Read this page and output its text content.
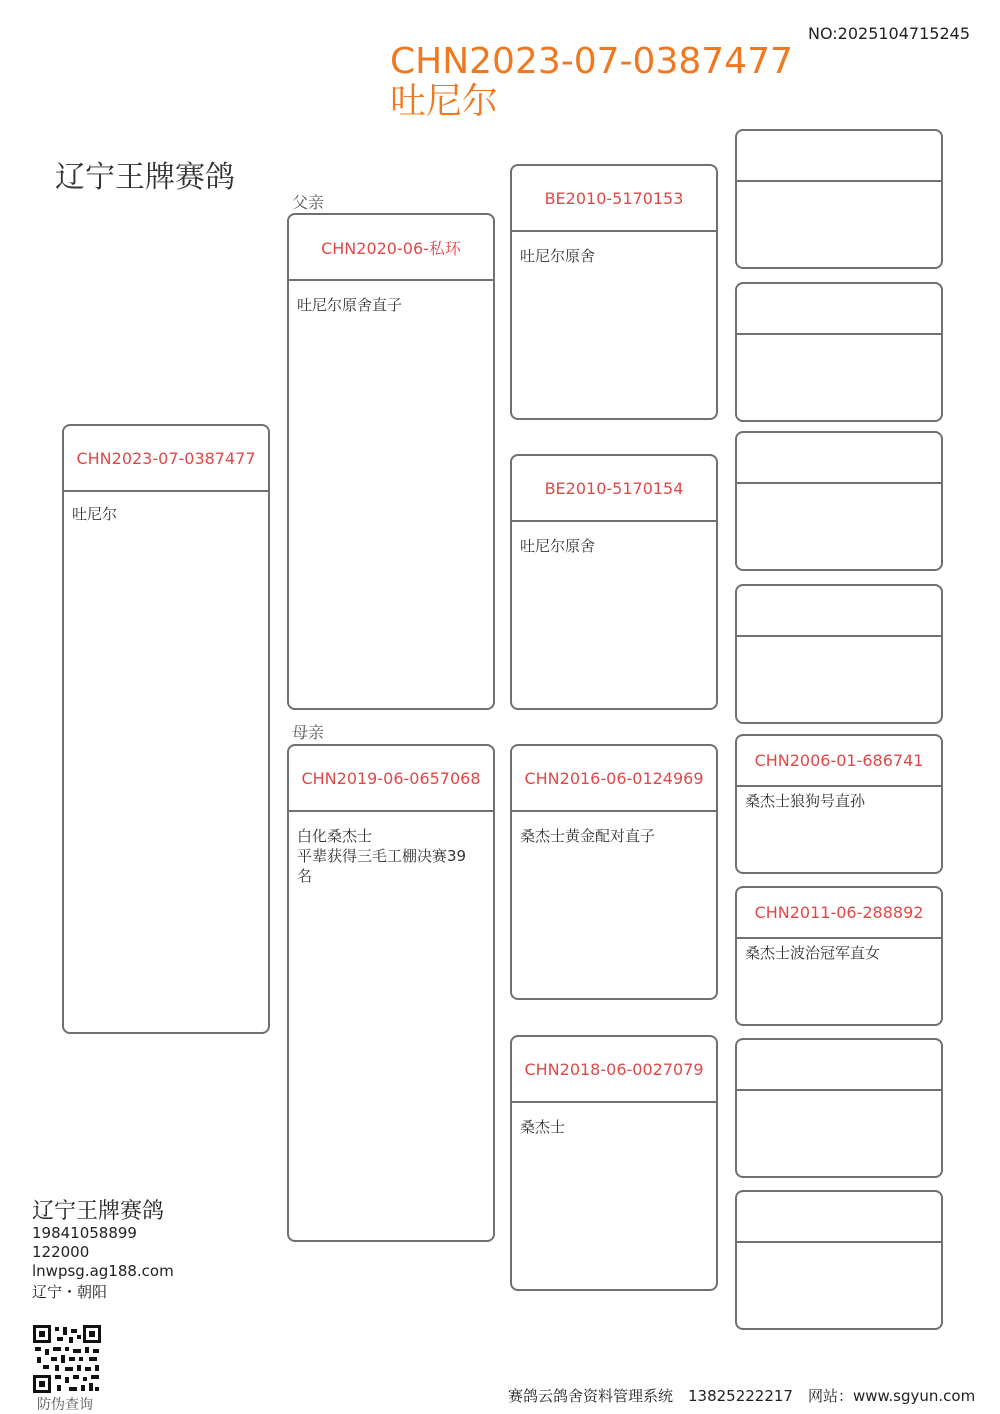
NO:2025104715245
CHN2023-07-0387477
吐尼尔
辽宁王牌赛鸽
父亲
母亲
CHN2023-07-0387477
吐尼尔
CHN2020-06-私环
吐尼尔原舍直子
CHN2019-06-0657068
白化桑杰士
平辈获得三毛工棚决赛39
名
BE2010-5170153
吐尼尔原舍
BE2010-5170154
吐尼尔原舍
CHN2016-06-0124969
桑杰士黄金配对直子
CHN2018-06-0027079
桑杰士
CHN2006-01-686741
桑杰士狼狗号直孙
CHN2011-06-288892
桑杰士波治冠军直女
辽宁王牌赛鸽
19841058899
122000
lnwpsg.ag188.com
辽宁・朝阳
防伪查询	赛鸽云鸽舍资料管理系统　13825222217　网站：www.sgyun.com
